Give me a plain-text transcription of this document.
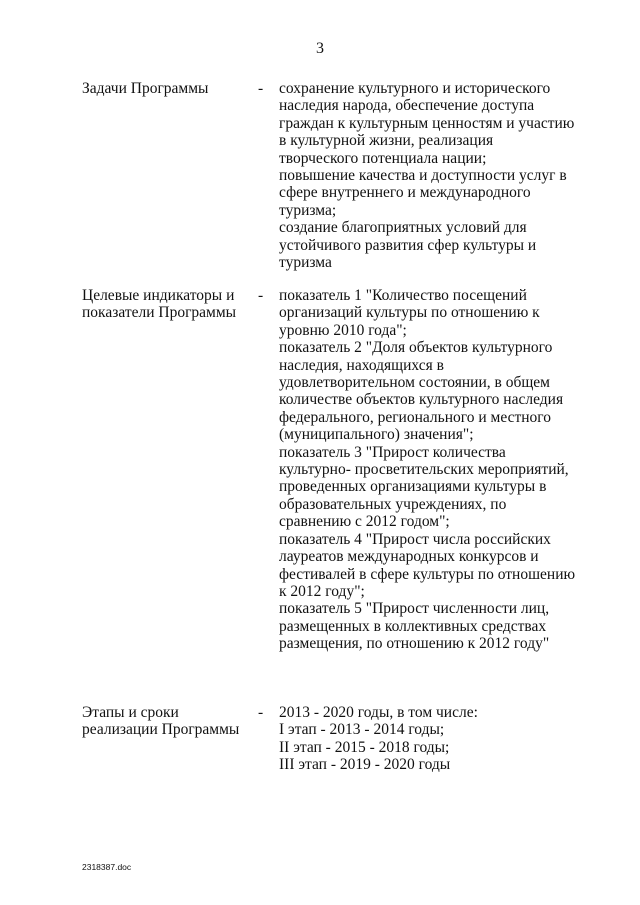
3
Задачи Программы	- сохранение культурного и исторического
наследия народа, обеспечение доступа
граждан к культурным ценностям и участию
в культурной жизни, реализация
творческого потенциала нации;
повышение качества и доступности услуг в
сфере внутреннего и международного
туризма;
создание благоприятных условий для
устойчивого развития сфер культуры и
туризма
Целевые индикаторы и
показатели Программы
- показатель 1 "Количество посещений
организаций культуры по отношению к
уровню 2010 года";
показатель 2 "Доля объектов культурного
наследия, находящихся в
удовлетворительном состоянии, в общем
количестве объектов культурного наследия
федерального, регионального и местного
(муниципального) значения";
показатель 3 "Прирост количества
культурно- просветительских мероприятий,
проведенных организациями культуры в
образовательных учреждениях, по
сравнению с 2012 годом";
показатель 4 "Прирост числа российских
лауреатов международных конкурсов и
фестивалей в сфере культуры по отношению
к 2012 году";
показатель 5 "Прирост численности лиц,
размещенных в коллективных средствах
размещения, по отношению к 2012 году"
Этапы и сроки
реализации Программы
- 2013 - 2020 годы, в том числе:
I этап - 2013 - 2014 годы;
II этап - 2015 - 2018 годы;
III этап - 2019 - 2020 годы
2318387.doc
